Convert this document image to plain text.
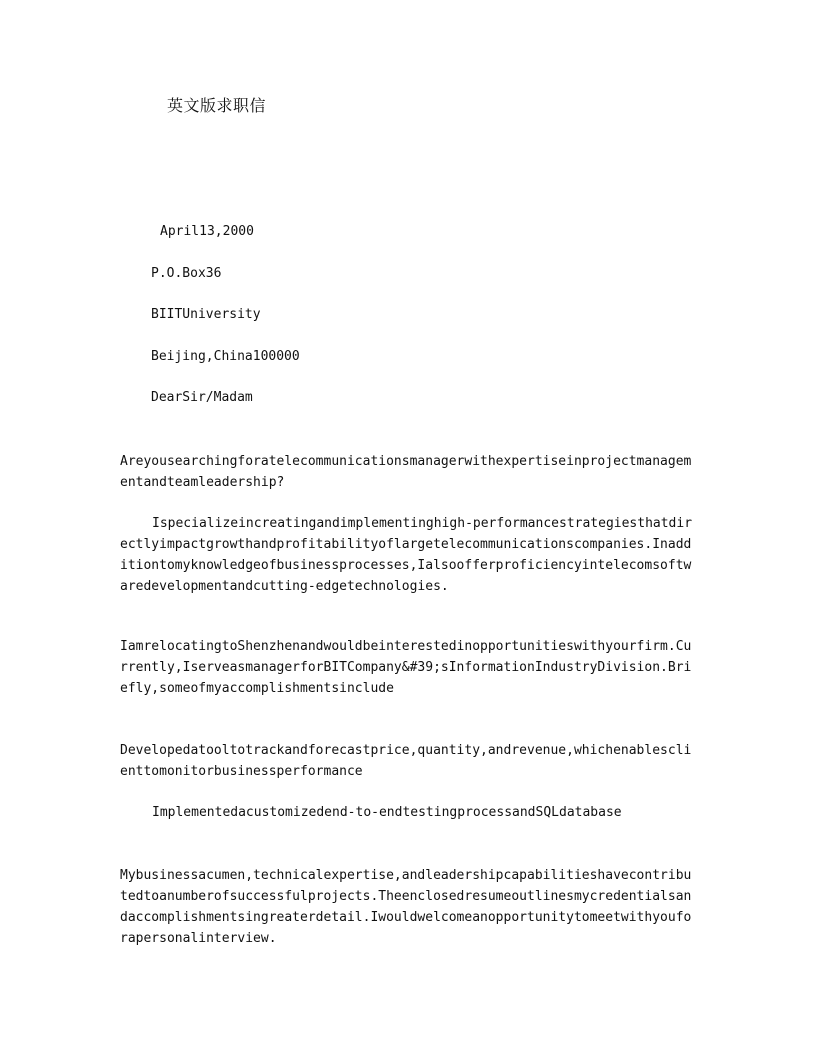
英文版求职信
April13,2000
P.O.Box36
BIITUniversity
Beijing,China100000
DearSir/Madam
Areyousearchingforatelecommunicationsmanagerwithexpertiseinprojectmanagementandteamleadership?
Ispecializeincreatingandimplementinghigh-performancestrategiesthatdirectlyimpactgrowthandprofitabilityoflargetelecommunicationscompanies.Inadditiontomyknowledgeofbusinessprocesses,Ialsoofferproficiencyintelecomsoftwaredevelopmentandcutting-edgetechnologies.
IamrelocatingtoShenzhenandwouldbeinterestedinopportunitieswithyourfirm.Currently,IserveasmanagerforBITCompany&#39;sInformationIndustryDivision.Briefly,someofmyaccomplishmentsinclude
Developedatooltotrackandforecastprice,quantity,andrevenue,whichenablesclienttomonitorbusinessperformance
Implementedacustomizedend-to-endtestingprocessandSQLdatabase
Mybusinessacumen,technicalexpertise,andleadershipcapabilitieshavecontributedtoanumberofsuccessfulprojects.Theenclosedresumeoutlinesmycredentialsandaccomplishmentsingreaterdetail.Iwouldwelcomeanopportunitytomeetwithyouforapersonalinterview.
